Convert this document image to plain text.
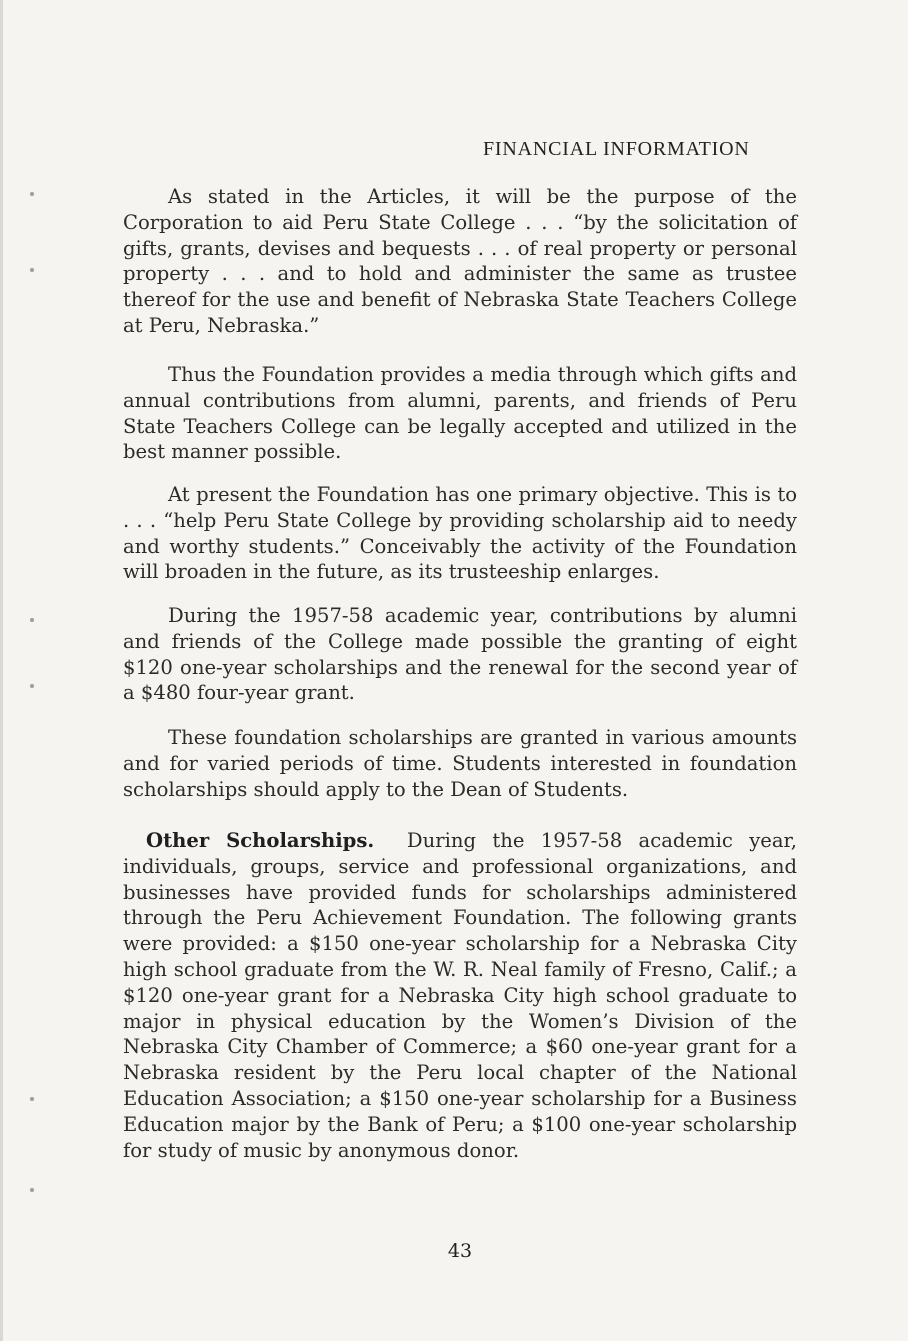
FINANCIAL INFORMATION

As stated in the Articles, it will be the purpose of the Corporation to aid Peru State College . . . “by the solicitation of gifts, grants, devises and bequests . . . of real property or personal property . . . and to hold and administer the same as trustee thereof for the use and benefit of Nebraska State Teachers College at Peru, Nebraska.”

Thus the Foundation provides a media through which gifts and annual contributions from alumni, parents, and friends of Peru State Teachers College can be legally accepted and utilized in the best manner possible.

At present the Foundation has one primary objective. This is to . . . “help Peru State College by providing scholarship aid to needy and worthy students.” Conceivably the activity of the Foundation will broaden in the future, as its trusteeship enlarges.

During the 1957-58 academic year, contributions by alumni and friends of the College made possible the granting of eight $120 one-year scholarships and the renewal for the second year of a $480 four-year grant.

These foundation scholarships are granted in various amounts and for varied periods of time. Students interested in foundation scholarships should apply to the Dean of Students.

Other Scholarships. During the 1957-58 academic year, individuals, groups, service and professional organizations, and businesses have provided funds for scholarships administered through the Peru Achievement Foundation. The following grants were provided: a $150 one-year scholarship for a Nebraska City high school graduate from the W. R. Neal family of Fresno, Calif.; a $120 one-year grant for a Nebraska City high school graduate to major in physical education by the Women’s Division of the Nebraska City Chamber of Commerce; a $60 one-year grant for a Nebraska resident by the Peru local chapter of the National Education Association; a $150 one-year scholarship for a Business Education major by the Bank of Peru; a $100 one-year scholarship for study of music by anonymous donor.

43
